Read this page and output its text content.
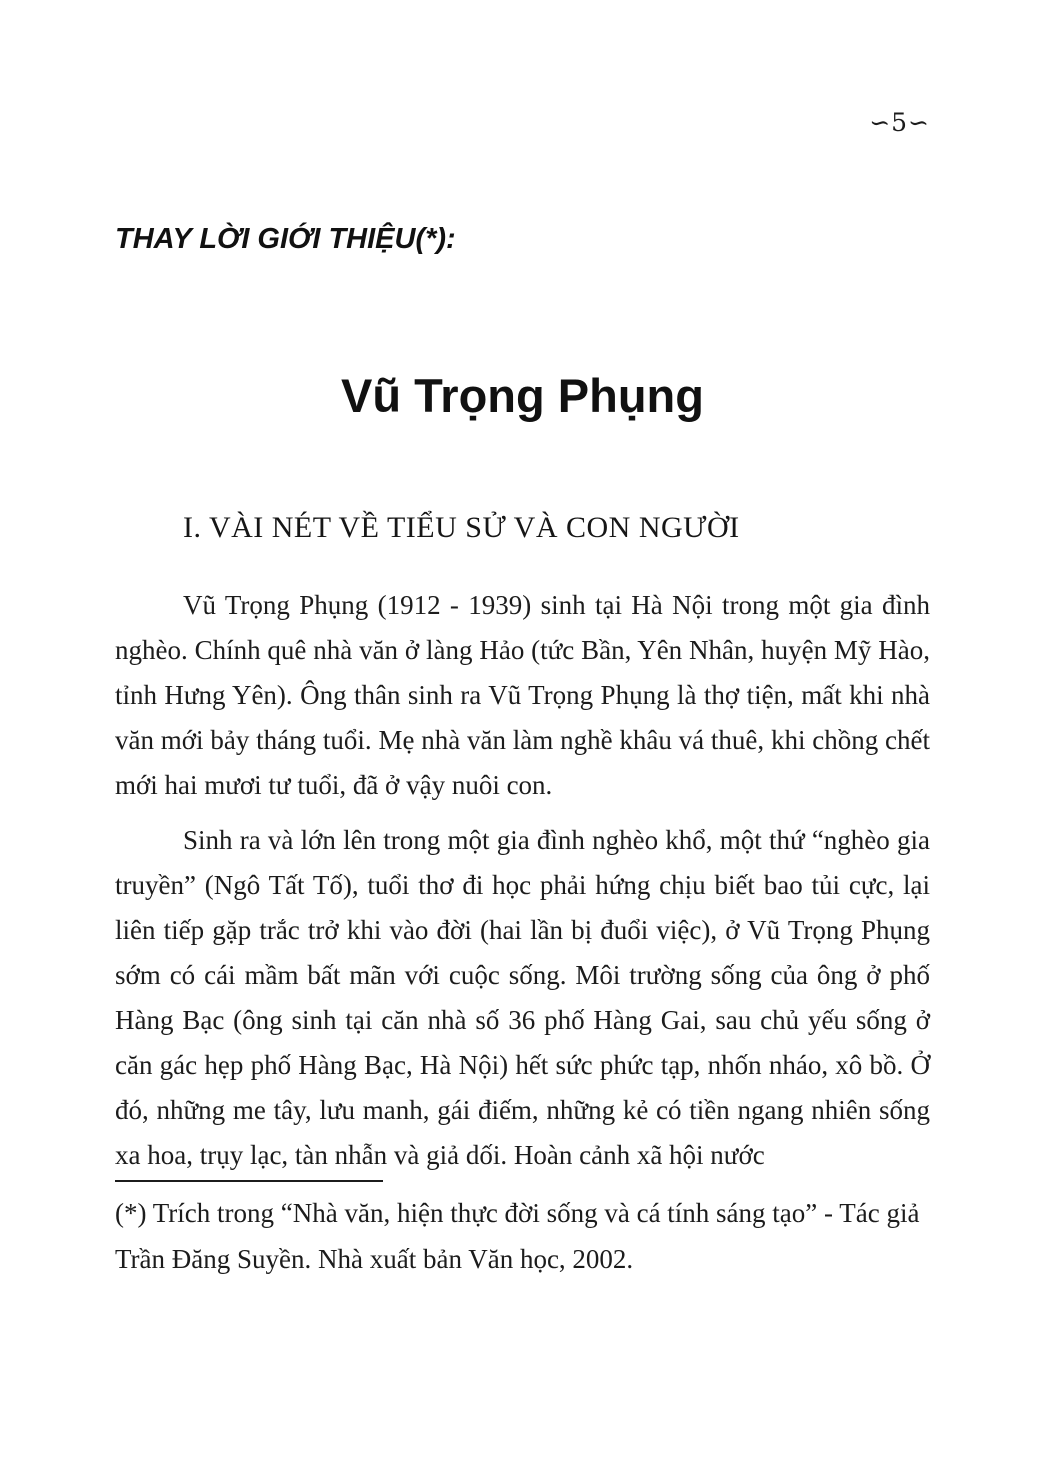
∽5∽
THAY LỜI GIỚI THIỆU(*):
Vũ Trọng Phụng
I. VÀI NÉT VỀ TIỂU SỬ VÀ CON NGƯỜI

Vũ Trọng Phụng (1912 - 1939) sinh tại Hà Nội trong một gia đình nghèo. Chính quê nhà văn ở làng Hảo (tức Bần, Yên Nhân, huyện Mỹ Hào, tỉnh Hưng Yên). Ông thân sinh ra Vũ Trọng Phụng là thợ tiện, mất khi nhà văn mới bảy tháng tuổi. Mẹ nhà văn làm nghề khâu vá thuê, khi chồng chết mới hai mươi tư tuổi, đã ở vậy nuôi con.

Sinh ra và lớn lên trong một gia đình nghèo khổ, một thứ “nghèo gia truyền” (Ngô Tất Tố), tuổi thơ đi học phải hứng chịu biết bao tủi cực, lại liên tiếp gặp trắc trở khi vào đời (hai lần bị đuổi việc), ở Vũ Trọng Phụng sớm có cái mầm bất mãn với cuộc sống. Môi trường sống của ông ở phố Hàng Bạc (ông sinh tại căn nhà số 36 phố Hàng Gai, sau chủ yếu sống ở căn gác hẹp phố Hàng Bạc, Hà Nội) hết sức phức tạp, nhốn nháo, xô bồ. Ở đó, những me tây, lưu manh, gái điếm, những kẻ có tiền ngang nhiên sống xa hoa, trụy lạc, tàn nhẫn và giả dối. Hoàn cảnh xã hội nước

(*) Trích trong “Nhà văn, hiện thực đời sống và cá tính sáng tạo” - Tác giả Trần Đăng Suyền. Nhà xuất bản Văn học, 2002.
